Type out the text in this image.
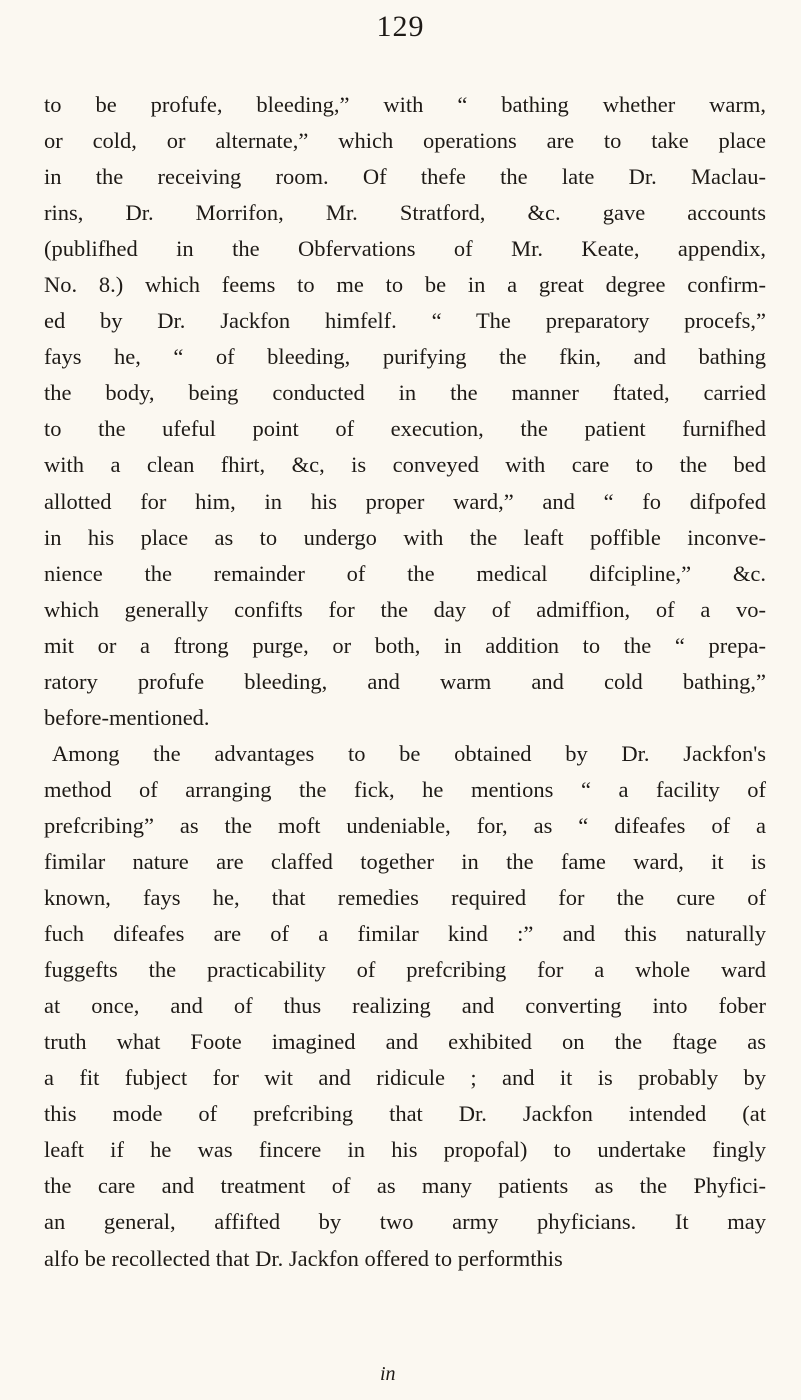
129
to be profufe, bleeding,” with “ bathing whether warm,
or cold, or alternate,” which operations are to take place
in the receiving room. Of thefe the late Dr. Maclau-
rins, Dr. Morrifon, Mr. Stratford, &c. gave accounts
(publifhed in the Obfervations of Mr. Keate, appendix,
No. 8.) which feems to me to be in a great degree confirm-
ed by Dr. Jackfon himfelf. “ The preparatory procefs,”
fays he, “ of bleeding, purifying the fkin, and bathing
the body, being conducted in the manner ftated, carried
to the ufeful point of execution, the patient furnifhed
with a clean fhirt, &c, is conveyed with care to the bed
allotted for him, in his proper ward,” and “ fo difpofed
in his place as to undergo with the leaft poffible inconve-
nience the remainder of the medical difcipline,” &c.
which generally confifts for the day of admiffion, of a vo-
mit or a ftrong purge, or both, in addition to the “ prepa-
ratory profufe bleeding, and warm and cold bathing,”
before-mentioned.
Among the advantages to be obtained by Dr. Jackfon's
method of arranging the fick, he mentions “ a facility of
prefcribing” as the moft undeniable, for, as “ difeafes of a
fimilar nature are claffed together in the fame ward, it is
known, fays he, that remedies required for the cure of
fuch difeafes are of a fimilar kind :” and this naturally
fuggefts the practicability of prefcribing for a whole ward
at once, and of thus realizing and converting into fober
truth what Foote imagined and exhibited on the ftage as
a fit fubject for wit and ridicule ; and it is probably by
this mode of prefcribing that Dr. Jackfon intended (at
leaft if he was fincere in his propofal) to undertake fingly
the care and treatment of as many patients as the Phyfici-
an general, affifted by two army phyficians. It may
alfo be recollected that Dr. Jackfon offered to performthis
in
